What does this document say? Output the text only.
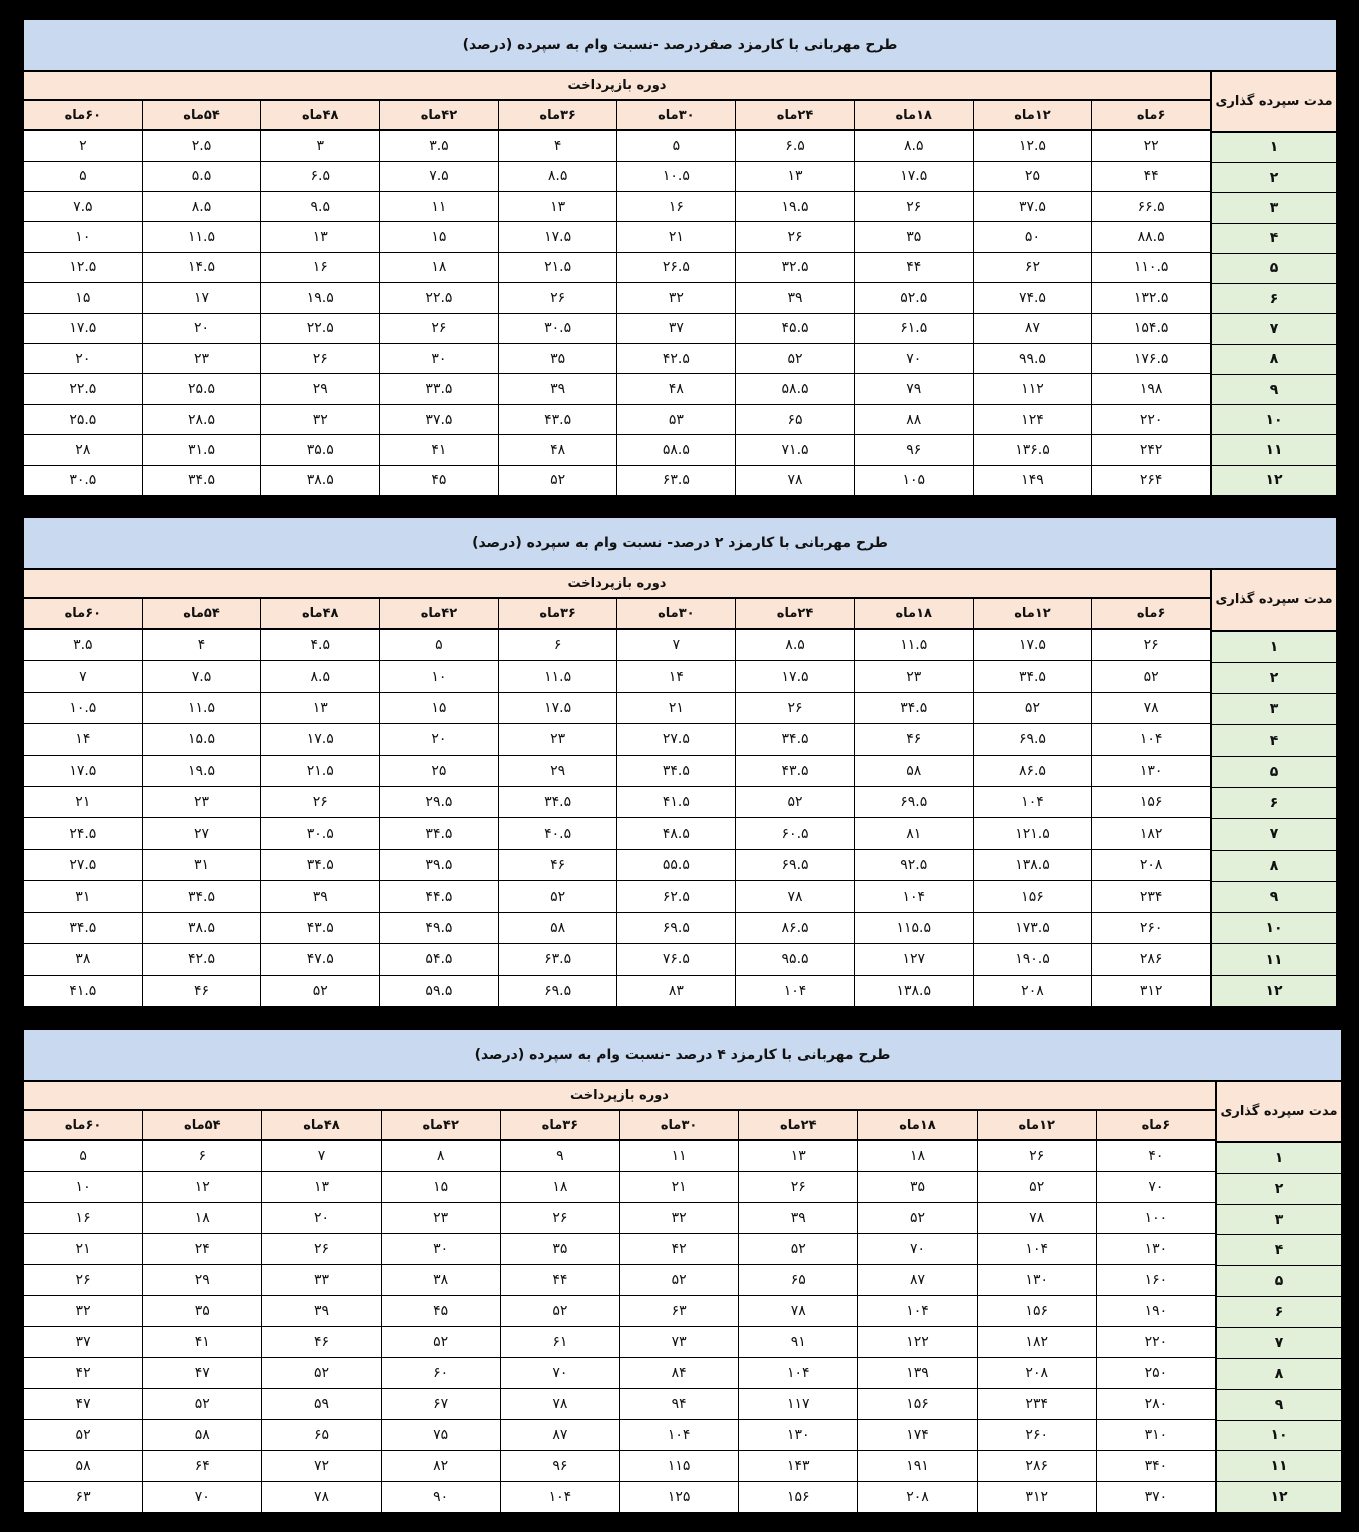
طرح مهربانی با کارمزد صفردرصد -نسبت وام به سپرده (درصد)
دوره بازپرداخت
۶ماه
۱۲ماه
۱۸ماه
۲۴ماه
۳۰ماه
۳۶ماه
۴۲ماه
۴۸ماه
۵۴ماه
۶۰ماه
۲۲
۱۲.۵
۸.۵
۶.۵
۵
۴
۳.۵
۳
۲.۵
۲
۴۴
۲۵
۱۷.۵
۱۳
۱۰.۵
۸.۵
۷.۵
۶.۵
۵.۵
۵
۶۶.۵
۳۷.۵
۲۶
۱۹.۵
۱۶
۱۳
۱۱
۹.۵
۸.۵
۷.۵
۸۸.۵
۵۰
۳۵
۲۶
۲۱
۱۷.۵
۱۵
۱۳
۱۱.۵
۱۰
۱۱۰.۵
۶۲
۴۴
۳۲.۵
۲۶.۵
۲۱.۵
۱۸
۱۶
۱۴.۵
۱۲.۵
۱۳۲.۵
۷۴.۵
۵۲.۵
۳۹
۳۲
۲۶
۲۲.۵
۱۹.۵
۱۷
۱۵
۱۵۴.۵
۸۷
۶۱.۵
۴۵.۵
۳۷
۳۰.۵
۲۶
۲۲.۵
۲۰
۱۷.۵
۱۷۶.۵
۹۹.۵
۷۰
۵۲
۴۲.۵
۳۵
۳۰
۲۶
۲۳
۲۰
۱۹۸
۱۱۲
۷۹
۵۸.۵
۴۸
۳۹
۳۳.۵
۲۹
۲۵.۵
۲۲.۵
۲۲۰
۱۲۴
۸۸
۶۵
۵۳
۴۳.۵
۳۷.۵
۳۲
۲۸.۵
۲۵.۵
۲۴۲
۱۳۶.۵
۹۶
۷۱.۵
۵۸.۵
۴۸
۴۱
۳۵.۵
۳۱.۵
۲۸
۲۶۴
۱۴۹
۱۰۵
۷۸
۶۳.۵
۵۲
۴۵
۳۸.۵
۳۴.۵
۳۰.۵
مدت سپرده گذاری
۱
۲
۳
۴
۵
۶
۷
۸
۹
۱۰
۱۱
۱۲
طرح مهربانی با کارمزد ۲ درصد- نسبت وام به سپرده (درصد)
دوره بازپرداخت
۶ماه
۱۲ماه
۱۸ماه
۲۴ماه
۳۰ماه
۳۶ماه
۴۲ماه
۴۸ماه
۵۴ماه
۶۰ماه
۲۶
۱۷.۵
۱۱.۵
۸.۵
۷
۶
۵
۴.۵
۴
۳.۵
۵۲
۳۴.۵
۲۳
۱۷.۵
۱۴
۱۱.۵
۱۰
۸.۵
۷.۵
۷
۷۸
۵۲
۳۴.۵
۲۶
۲۱
۱۷.۵
۱۵
۱۳
۱۱.۵
۱۰.۵
۱۰۴
۶۹.۵
۴۶
۳۴.۵
۲۷.۵
۲۳
۲۰
۱۷.۵
۱۵.۵
۱۴
۱۳۰
۸۶.۵
۵۸
۴۳.۵
۳۴.۵
۲۹
۲۵
۲۱.۵
۱۹.۵
۱۷.۵
۱۵۶
۱۰۴
۶۹.۵
۵۲
۴۱.۵
۳۴.۵
۲۹.۵
۲۶
۲۳
۲۱
۱۸۲
۱۲۱.۵
۸۱
۶۰.۵
۴۸.۵
۴۰.۵
۳۴.۵
۳۰.۵
۲۷
۲۴.۵
۲۰۸
۱۳۸.۵
۹۲.۵
۶۹.۵
۵۵.۵
۴۶
۳۹.۵
۳۴.۵
۳۱
۲۷.۵
۲۳۴
۱۵۶
۱۰۴
۷۸
۶۲.۵
۵۲
۴۴.۵
۳۹
۳۴.۵
۳۱
۲۶۰
۱۷۳.۵
۱۱۵.۵
۸۶.۵
۶۹.۵
۵۸
۴۹.۵
۴۳.۵
۳۸.۵
۳۴.۵
۲۸۶
۱۹۰.۵
۱۲۷
۹۵.۵
۷۶.۵
۶۳.۵
۵۴.۵
۴۷.۵
۴۲.۵
۳۸
۳۱۲
۲۰۸
۱۳۸.۵
۱۰۴
۸۳
۶۹.۵
۵۹.۵
۵۲
۴۶
۴۱.۵
مدت سپرده گذاری
۱
۲
۳
۴
۵
۶
۷
۸
۹
۱۰
۱۱
۱۲
طرح مهربانی با کارمزد ۴ درصد -نسبت وام به سپرده (درصد)
دوره بازپرداخت
۶ماه
۱۲ماه
۱۸ماه
۲۴ماه
۳۰ماه
۳۶ماه
۴۲ماه
۴۸ماه
۵۴ماه
۶۰ماه
۴۰
۲۶
۱۸
۱۳
۱۱
۹
۸
۷
۶
۵
۷۰
۵۲
۳۵
۲۶
۲۱
۱۸
۱۵
۱۳
۱۲
۱۰
۱۰۰
۷۸
۵۲
۳۹
۳۲
۲۶
۲۳
۲۰
۱۸
۱۶
۱۳۰
۱۰۴
۷۰
۵۲
۴۲
۳۵
۳۰
۲۶
۲۴
۲۱
۱۶۰
۱۳۰
۸۷
۶۵
۵۲
۴۴
۳۸
۳۳
۲۹
۲۶
۱۹۰
۱۵۶
۱۰۴
۷۸
۶۳
۵۲
۴۵
۳۹
۳۵
۳۲
۲۲۰
۱۸۲
۱۲۲
۹۱
۷۳
۶۱
۵۲
۴۶
۴۱
۳۷
۲۵۰
۲۰۸
۱۳۹
۱۰۴
۸۴
۷۰
۶۰
۵۲
۴۷
۴۲
۲۸۰
۲۳۴
۱۵۶
۱۱۷
۹۴
۷۸
۶۷
۵۹
۵۲
۴۷
۳۱۰
۲۶۰
۱۷۴
۱۳۰
۱۰۴
۸۷
۷۵
۶۵
۵۸
۵۲
۳۴۰
۲۸۶
۱۹۱
۱۴۳
۱۱۵
۹۶
۸۲
۷۲
۶۴
۵۸
۳۷۰
۳۱۲
۲۰۸
۱۵۶
۱۲۵
۱۰۴
۹۰
۷۸
۷۰
۶۳
مدت سپرده گذاری
۱
۲
۳
۴
۵
۶
۷
۸
۹
۱۰
۱۱
۱۲
